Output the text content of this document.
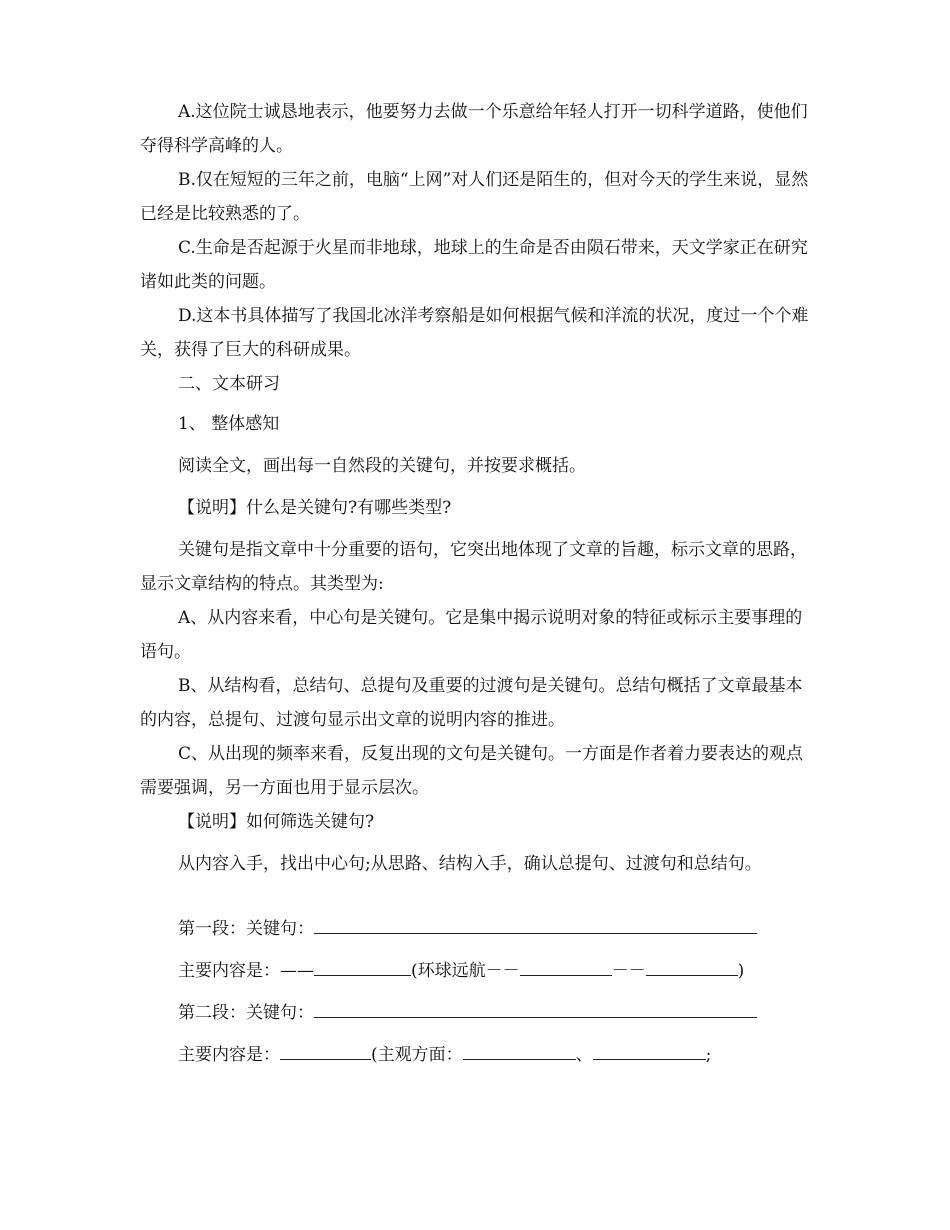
A.这位院士诚恳地表示，他要努力去做一个乐意给年轻人打开一切科学道路，使他们夺得科学高峰的人。

B.仅在短短的三年之前，电脑“上网”对人们还是陌生的，但对今天的学生来说，显然已经是比较熟悉的了。

C.生命是否起源于火星而非地球，地球上的生命是否由陨石带来，天文学家正在研究诸如此类的问题。

D.这本书具体描写了我国北冰洋考察船是如何根据气候和洋流的状况，度过一个个难关，获得了巨大的科研成果。

二、文本研习

1、 整体感知

阅读全文，画出每一自然段的关键句，并按要求概括。

【说明】什么是关键句?有哪些类型?

关键句是指文章中十分重要的语句，它突出地体现了文章的旨趣，标示文章的思路，显示文章结构的特点。其类型为:

A、从内容来看，中心句是关键句。它是集中揭示说明对象的特征或标示主要事理的语句。

B、从结构看，总结句、总提句及重要的过渡句是关键句。总结句概括了文章最基本的内容，总提句、过渡句显示出文章的说明内容的推进。

C、从出现的频率来看，反复出现的文句是关键句。一方面是作者着力要表达的观点需要强调，另一方面也用于显示层次。

【说明】如何筛选关键句?

从内容入手，找出中心句;从思路、结构入手，确认总提句、过渡句和总结句。

第一段：关键句：
主要内容是：——	(环球远航－－	－－	)
第二段：关键句：
主要内容是：	(主观方面：	、	;
